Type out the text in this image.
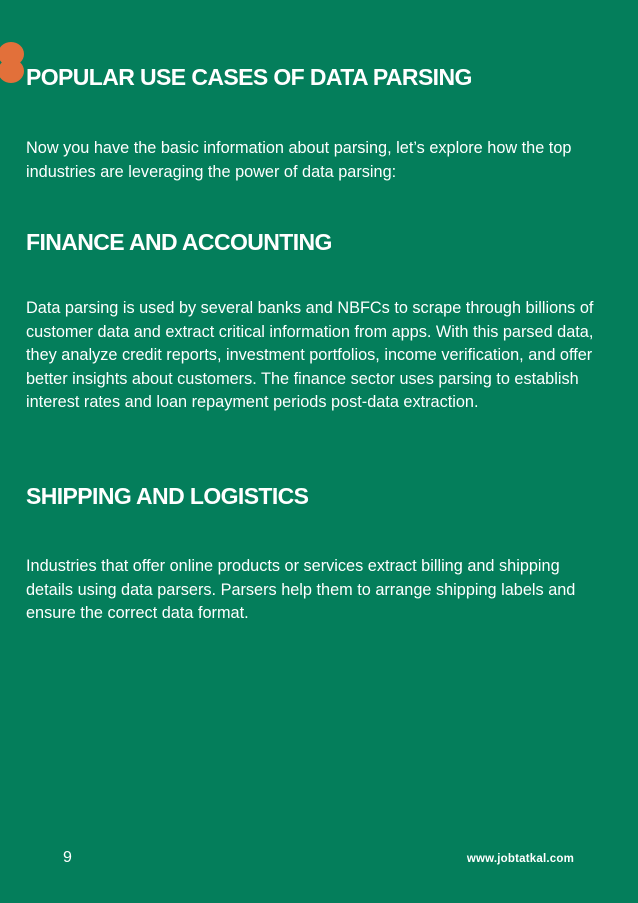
POPULAR USE CASES OF DATA PARSING

Now you have the basic information about parsing, let’s explore how the top industries are leveraging the power of data parsing:

FINANCE AND ACCOUNTING

Data parsing is used by several banks and NBFCs to scrape through billions of customer data and extract critical information from apps. With this parsed data, they analyze credit reports, investment portfolios, income verification, and offer better insights about customers. The finance sector uses parsing to establish interest rates and loan repayment periods post-data extraction.

SHIPPING AND LOGISTICS

Industries that offer online products or services extract billing and shipping details using data parsers. Parsers help them to arrange shipping labels and ensure the correct data format.

9	www.jobtatkal.com
